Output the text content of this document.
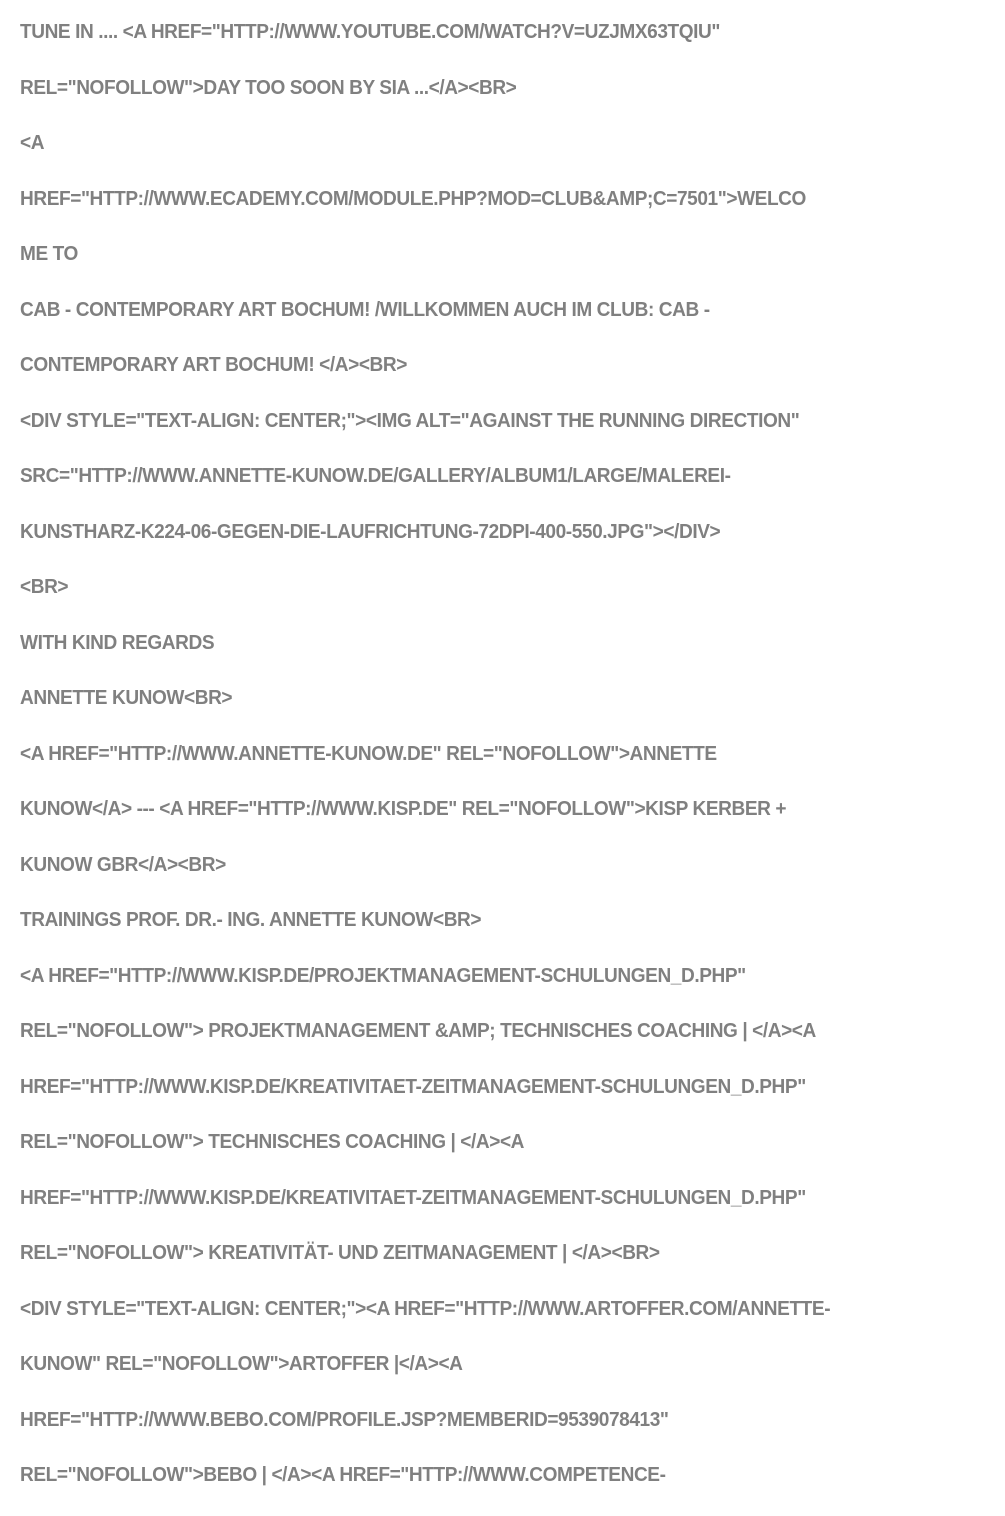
TUNE IN .... <A HREF="HTTP://WWW.YOUTUBE.COM/WATCH?V=UZJMX63TQIU"
REL="NOFOLLOW">DAY TOO SOON BY SIA ...</A><BR>
<A
HREF="HTTP://WWW.ECADEMY.COM/MODULE.PHP?MOD=CLUB&AMP;C=7501">WELCO
ME TO
CAB - CONTEMPORARY ART BOCHUM! /WILLKOMMEN AUCH IM CLUB: CAB -
CONTEMPORARY ART BOCHUM! </A><BR>
<DIV STYLE="TEXT-ALIGN: CENTER;"><IMG ALT="AGAINST THE RUNNING DIRECTION"
SRC="HTTP://WWW.ANNETTE-KUNOW.DE/GALLERY/ALBUM1/LARGE/MALEREI-
KUNSTHARZ-K224-06-GEGEN-DIE-LAUFRICHTUNG-72DPI-400-550.JPG"></DIV>
<BR>
WITH KIND REGARDS
ANNETTE KUNOW<BR>
<A HREF="HTTP://WWW.ANNETTE-KUNOW.DE" REL="NOFOLLOW">ANNETTE
KUNOW</A> --- <A HREF="HTTP://WWW.KISP.DE" REL="NOFOLLOW">KISP KERBER +
KUNOW GBR</A><BR>
TRAININGS PROF. DR.- ING. ANNETTE KUNOW<BR>
<A HREF="HTTP://WWW.KISP.DE/PROJEKTMANAGEMENT-SCHULUNGEN_D.PHP"
REL="NOFOLLOW"> PROJEKTMANAGEMENT &AMP; TECHNISCHES COACHING | </A><A
HREF="HTTP://WWW.KISP.DE/KREATIVITAET-ZEITMANAGEMENT-SCHULUNGEN_D.PHP"
REL="NOFOLLOW"> TECHNISCHES COACHING | </A><A
HREF="HTTP://WWW.KISP.DE/KREATIVITAET-ZEITMANAGEMENT-SCHULUNGEN_D.PHP"
REL="NOFOLLOW"> KREATIVITÄT- UND ZEITMANAGEMENT | </A><BR>
<DIV STYLE="TEXT-ALIGN: CENTER;"><A HREF="HTTP://WWW.ARTOFFER.COM/ANNETTE-
KUNOW" REL="NOFOLLOW">ARTOFFER |</A><A
HREF="HTTP://WWW.BEBO.COM/PROFILE.JSP?MEMBERID=9539078413"
REL="NOFOLLOW">BEBO | </A><A HREF="HTTP://WWW.COMPETENCE-
